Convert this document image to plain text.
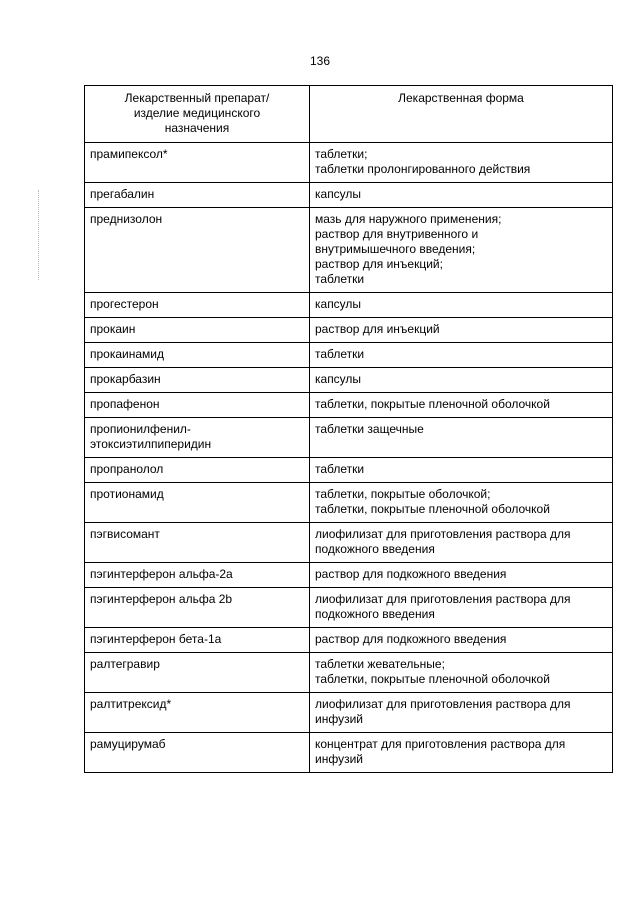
136
Лекарственный препарат/
изделие медицинского
назначения	Лекарственная форма
прамипексол*	таблетки;
таблетки пролонгированного действия
прегабалин	капсулы
преднизолон	мазь для наружного применения;
раствор для внутривенного и
внутримышечного введения;
раствор для инъекций;
таблетки
прогестерон	капсулы
прокаин	раствор для инъекций
прокаинамид	таблетки
прокарбазин	капсулы
пропафенон	таблетки, покрытые пленочной оболочкой
пропионилфенил-
этоксиэтилпиперидин	таблетки защечные
пропранолол	таблетки
протионамид	таблетки, покрытые оболочкой;
таблетки, покрытые пленочной оболочкой
пэгвисомант	лиофилизат для приготовления раствора для
подкожного введения
пэгинтерферон альфа-2а	раствор для подкожного введения
пэгинтерферон альфа 2b	лиофилизат для приготовления раствора для
подкожного введения
пэгинтерферон бета-1а	раствор для подкожного введения
ралтегравир	таблетки жевательные;
таблетки, покрытые пленочной оболочкой
ралтитрексид*	лиофилизат для приготовления раствора для
инфузий
рамуцирумаб	концентрат для приготовления раствора для
инфузий
